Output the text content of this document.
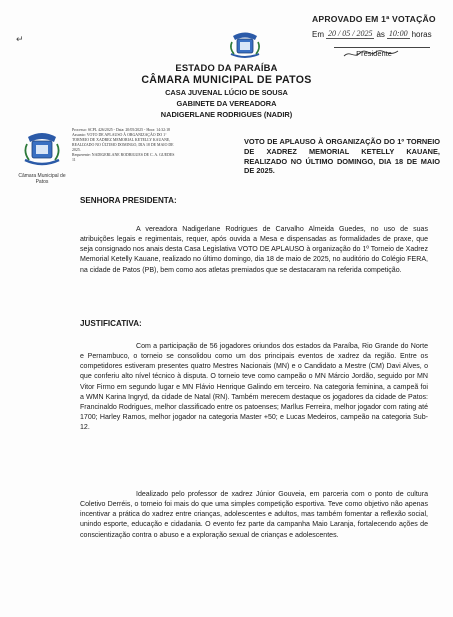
↵
APROVADO EM 1ª VOTAÇÃO
Em 20 / 05 / 2025 às 10:00 horas
Presidente
ESTADO DA PARAÍBA
CÂMARA MUNICIPAL DE PATOS
CASA JUVENAL LÚCIO DE SOUSA
GABINETE DA VEREADORA
NADIGERLANE RODRIGUES (NADIR)
Câmara Municipal de Patos
Processo: SCPL 426/2025 - Data: 20/05/2025 - Hora: 14:32:18
Assunto: VOTO DE APLAUSO À ORGANIZAÇÃO DO 1º
TORNEIO DE XADREZ MEMORIAL KETELLY KAUANE,
REALIZADO NO ÚLTIMO DOMINGO, DIA 18 DE MAIO DE
2025.
Requerente: NADIGERLANE RODRIGUES DE C. A. GUEDES
11
VOTO DE APLAUSO À ORGANIZAÇÃO DO 1º TORNEIO DE XADREZ MEMORIAL KETELLY KAUANE, REALIZADO NO ÚLTIMO DOMINGO, DIA 18 DE MAIO DE 2025.
SENHORA PRESIDENTA:
A vereadora Nadigerlane Rodrigues de Carvalho Almeida Guedes, no uso de suas atribuições legais e regimentais, requer, após ouvida a Mesa e dispensadas as formalidades de praxe, que seja consignado nos anais desta Casa Legislativa VOTO DE APLAUSO à organização do 1º Torneio de Xadrez Memorial Ketelly Kauane, realizado no último domingo, dia 18 de maio de 2025, no auditório do Colégio FERA, na cidade de Patos (PB), bem como aos atletas premiados que se destacaram na referida competição.
JUSTIFICATIVA:
Com a participação de 56 jogadores oriundos dos estados da Paraíba, Rio Grande do Norte e Pernambuco, o torneio se consolidou como um dos principais eventos de xadrez da região. Entre os competidores estiveram presentes quatro Mestres Nacionais (MN) e o Candidato a Mestre (CM) Davi Alves, o que conferiu alto nível técnico à disputa. O torneio teve como campeão o MN Márcio Jordão, seguido por MN Vitor Firmo em segundo lugar e MN Flávio Henrique Galindo em terceiro. Na categoria feminina, a campeã foi a WMN Karina Ingryd, da cidade de Natal (RN). Também merecem destaque os jogadores da cidade de Patos: Francinaldo Rodrigues, melhor classificado entre os patoenses; Marllus Ferreira, melhor jogador com rating até 1700; Harley Ramos, melhor jogador na categoria Master +50; e Lucas Medeiros, campeão na categoria Sub-12.
Idealizado pelo professor de xadrez Júnior Gouveia, em parceria com o ponto de cultura Coletivo Derréis, o torneio foi mais do que uma simples competição esportiva. Teve como objetivo não apenas incentivar a prática do xadrez entre crianças, adolescentes e adultos, mas também fomentar a reflexão social, unindo esporte, educação e cidadania. O evento fez parte da campanha Maio Laranja, fortalecendo ações de conscientização contra o abuso e a exploração sexual de crianças e adolescentes.
